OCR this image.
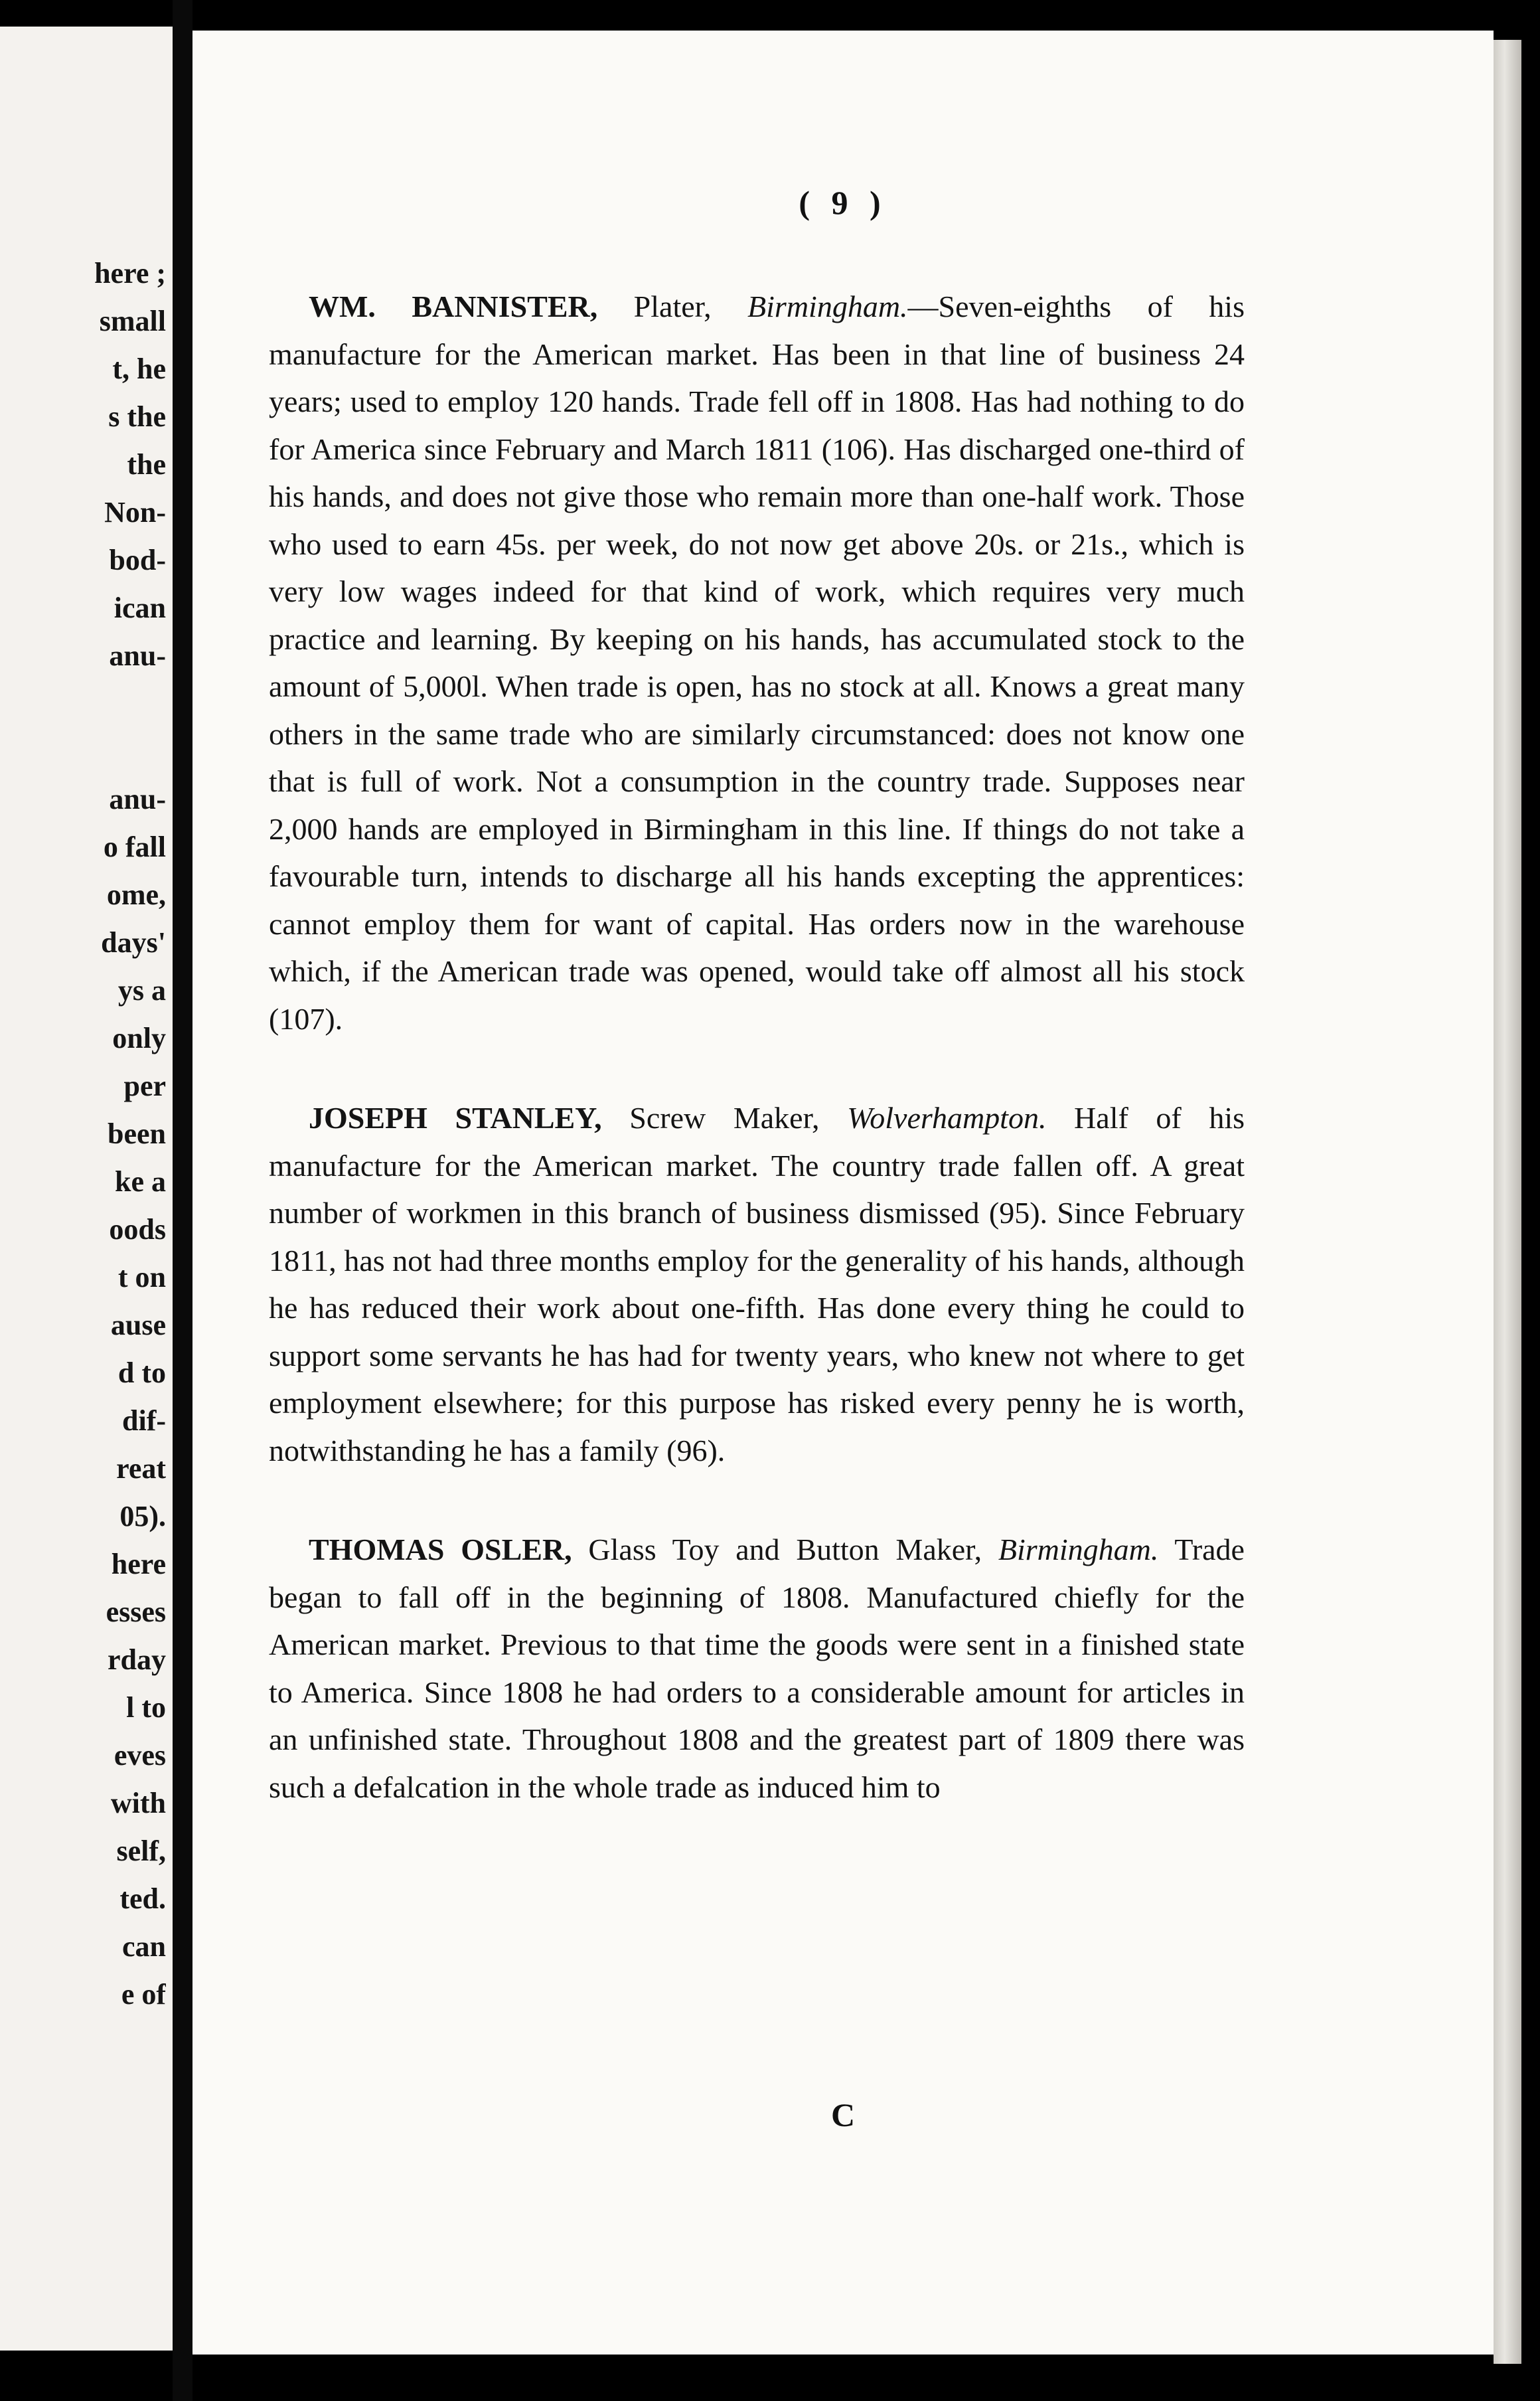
here ;
small
t, he
s the
the
Non-
bod-
ican
anu-
anu-
o fall
ome,
days'
ys a
only
per
been
ke a
oods
t on
ause
d to
dif-
reat
05).
here
esses
rday
l to
eves
with
self,
ted.
can
e of
( 9 )

WM. BANNISTER, Plater, Birmingham.—Seven-eighths of his manufacture for the American market. Has been in that line of business 24 years; used to employ 120 hands. Trade fell off in 1808. Has had nothing to do for America since February and March 1811 (106). Has discharged one-third of his hands, and does not give those who remain more than one-half work. Those who used to earn 45s. per week, do not now get above 20s. or 21s., which is very low wages indeed for that kind of work, which requires very much practice and learning. By keeping on his hands, has accumulated stock to the amount of 5,000l. When trade is open, has no stock at all. Knows a great many others in the same trade who are similarly circumstanced: does not know one that is full of work. Not a consumption in the country trade. Supposes near 2,000 hands are employed in Birmingham in this line. If things do not take a favourable turn, intends to discharge all his hands excepting the apprentices: cannot employ them for want of capital. Has orders now in the warehouse which, if the American trade was opened, would take off almost all his stock (107).

JOSEPH STANLEY, Screw Maker, Wolverhampton. Half of his manufacture for the American market. The country trade fallen off. A great number of workmen in this branch of business dismissed (95). Since February 1811, has not had three months employ for the generality of his hands, although he has reduced their work about one-fifth. Has done every thing he could to support some servants he has had for twenty years, who knew not where to get employment elsewhere; for this purpose has risked every penny he is worth, notwithstanding he has a family (96).

THOMAS OSLER, Glass Toy and Button Maker, Birmingham. Trade began to fall off in the beginning of 1808. Manufactured chiefly for the American market. Previous to that time the goods were sent in a finished state to America. Since 1808 he had orders to a considerable amount for articles in an unfinished state. Throughout 1808 and the greatest part of 1809 there was such a defalcation in the whole trade as induced him to

C
